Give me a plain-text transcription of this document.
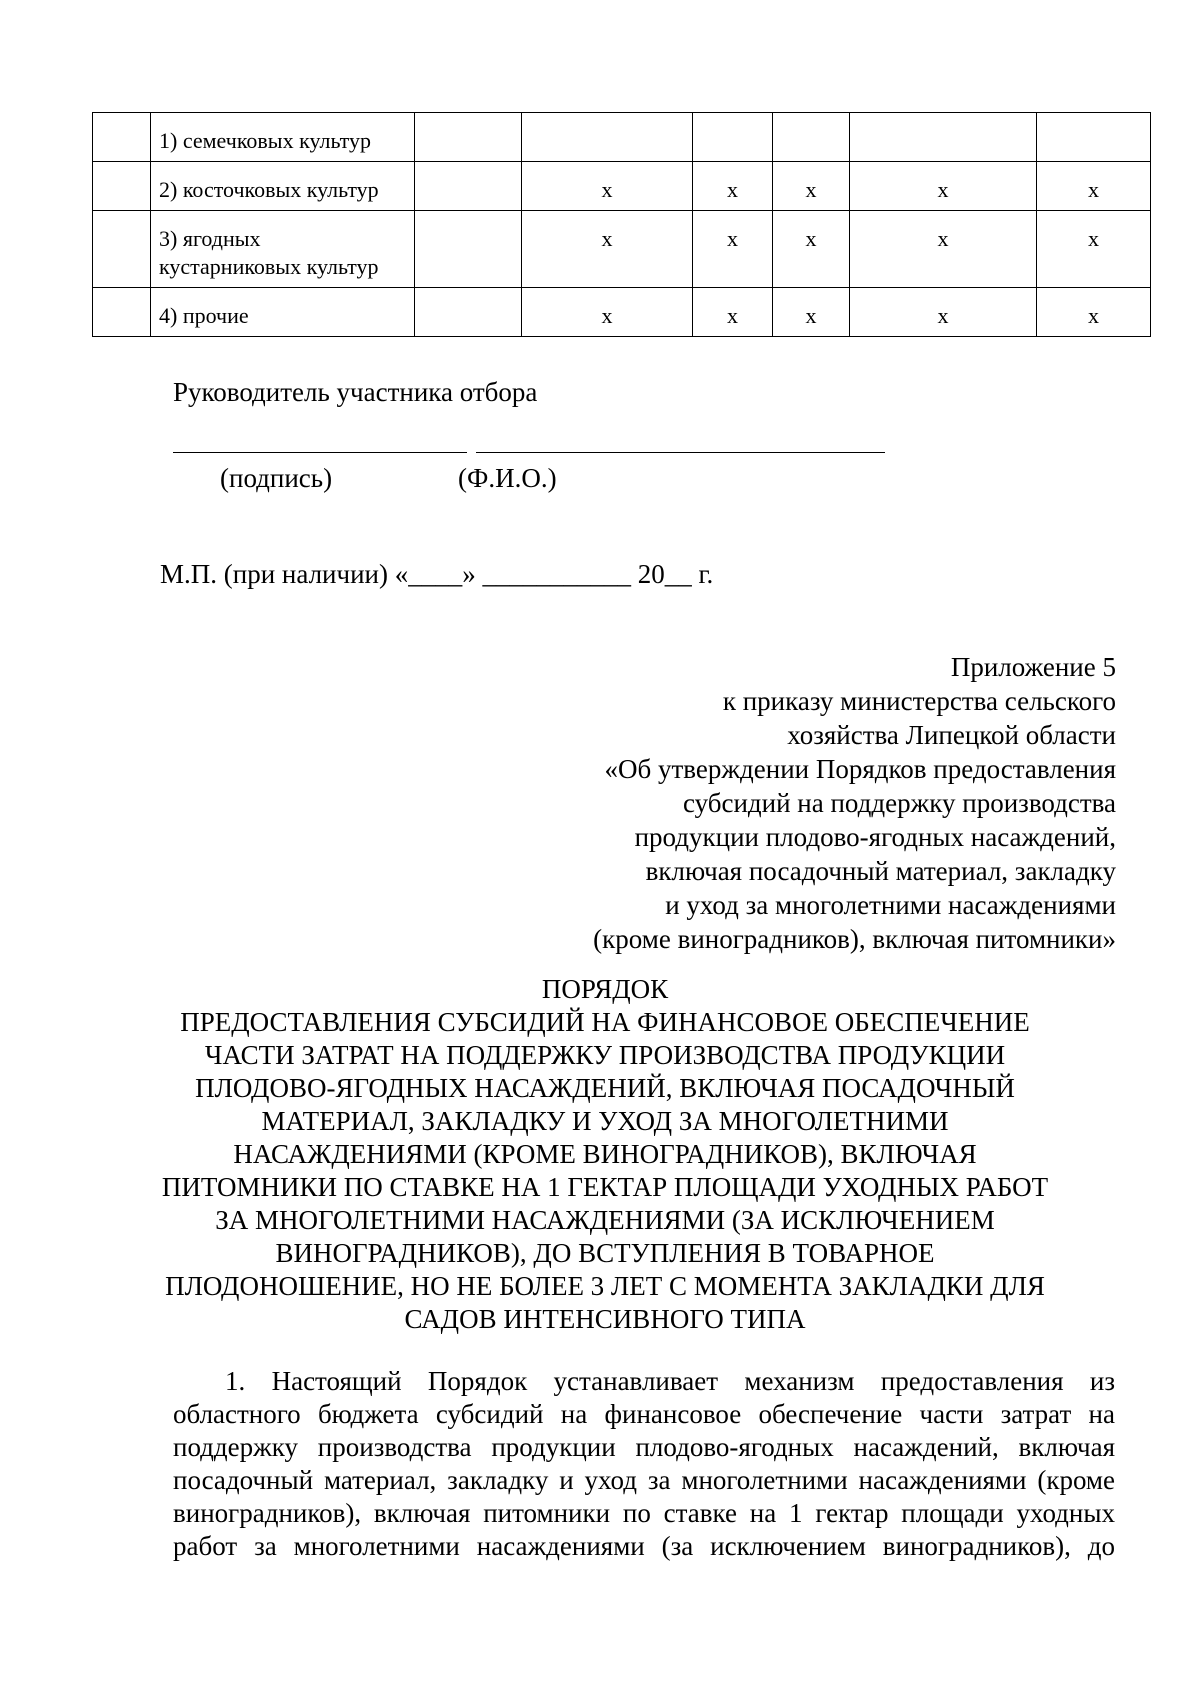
	1) семечковых культур						
	2) косточковых культур		х	х	х	х	х

	3) ягодных
кустарниковых культур		х	х	х	х	х
	4) прочие		х	х	х	х	х
Руководитель участника отбора
(подпись)	(Ф.И.О.)
М.П. (при наличии) «____» ___________ 20__ г.
Приложение 5
к приказу министерства сельского
хозяйства Липецкой области
«Об утверждении Порядков предоставления
субсидий на поддержку производства
продукции плодово-ягодных насаждений,
включая посадочный материал, закладку
и уход за многолетними насаждениями
(кроме виноградников), включая питомники»
ПОРЯДОК
ПРЕДОСТАВЛЕНИЯ СУБСИДИЙ НА ФИНАНСОВОЕ ОБЕСПЕЧЕНИЕ
ЧАСТИ ЗАТРАТ НА ПОДДЕРЖКУ ПРОИЗВОДСТВА ПРОДУКЦИИ
ПЛОДОВО-ЯГОДНЫХ НАСАЖДЕНИЙ, ВКЛЮЧАЯ ПОСАДОЧНЫЙ
МАТЕРИАЛ, ЗАКЛАДКУ И УХОД ЗА МНОГОЛЕТНИМИ
НАСАЖДЕНИЯМИ (КРОМЕ ВИНОГРАДНИКОВ), ВКЛЮЧАЯ
ПИТОМНИКИ ПО СТАВКЕ НА 1 ГЕКТАР ПЛОЩАДИ УХОДНЫХ РАБОТ
ЗА МНОГОЛЕТНИМИ НАСАЖДЕНИЯМИ (ЗА ИСКЛЮЧЕНИЕМ
ВИНОГРАДНИКОВ), ДО ВСТУПЛЕНИЯ В ТОВАРНОЕ
ПЛОДОНОШЕНИЕ, НО НЕ БОЛЕЕ 3 ЛЕТ С МОМЕНТА ЗАКЛАДКИ ДЛЯ
САДОВ ИНТЕНСИВНОГО ТИПА
1. Настоящий Порядок устанавливает механизм предоставления из
областного бюджета субсидий на финансовое обеспечение части затрат на
поддержку производства продукции плодово-ягодных насаждений, включая
посадочный материал, закладку и уход за многолетними насаждениями (кроме
виноградников), включая питомники по ставке на 1 гектар площади уходных
работ за многолетними насаждениями (за исключением виноградников), до
